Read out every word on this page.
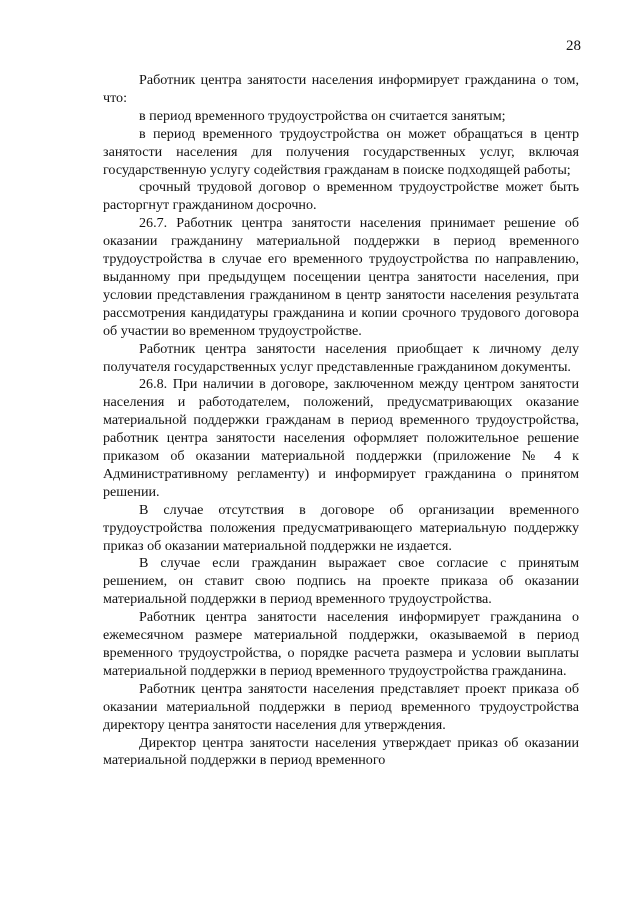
28

Работник центра занятости населения информирует гражданина о том, что:

в период временного трудоустройства он считается занятым;

в период временного трудоустройства он может обращаться в центр занятости населения для получения государственных услуг, включая государственную услугу содействия гражданам в поиске подходящей работы;

срочный трудовой договор о временном трудоустройстве может быть расторгнут гражданином досрочно.

26.7. Работник центра занятости населения принимает решение об оказании гражданину материальной поддержки в период временного трудоустройства в случае его временного трудоустройства по направлению, выданному при предыдущем посещении центра занятости населения, при условии представления гражданином в центр занятости населения результата рассмотрения кандидатуры гражданина и копии срочного трудового договора об участии во временном трудоустройстве.

Работник центра занятости населения приобщает к личному делу получателя государственных услуг представленные гражданином документы.

26.8. При наличии в договоре, заключенном между центром занятости населения и работодателем, положений, предусматривающих оказание материальной поддержки гражданам в период временного трудоустройства, работник центра занятости населения оформляет положительное решение приказом об оказании материальной поддержки (приложение № 4 к Административному регламенту) и информирует гражданина о принятом решении.

В случае отсутствия в договоре об организации временного трудоустройства положения предусматривающего материальную поддержку приказ об оказании материальной поддержки не издается.

В случае если гражданин выражает свое согласие с принятым решением, он ставит свою подпись на проекте приказа об оказании материальной поддержки в период временного трудоустройства.

Работник центра занятости населения информирует гражданина о ежемесячном размере материальной поддержки, оказываемой в период временного трудоустройства, о порядке расчета размера и условии выплаты материальной поддержки в период временного трудоустройства гражданина.

Работник центра занятости населения представляет проект приказа об оказании материальной поддержки в период временного трудоустройства директору центра занятости населения для утверждения.

Директор центра занятости населения утверждает приказ об оказании материальной поддержки в период временного
